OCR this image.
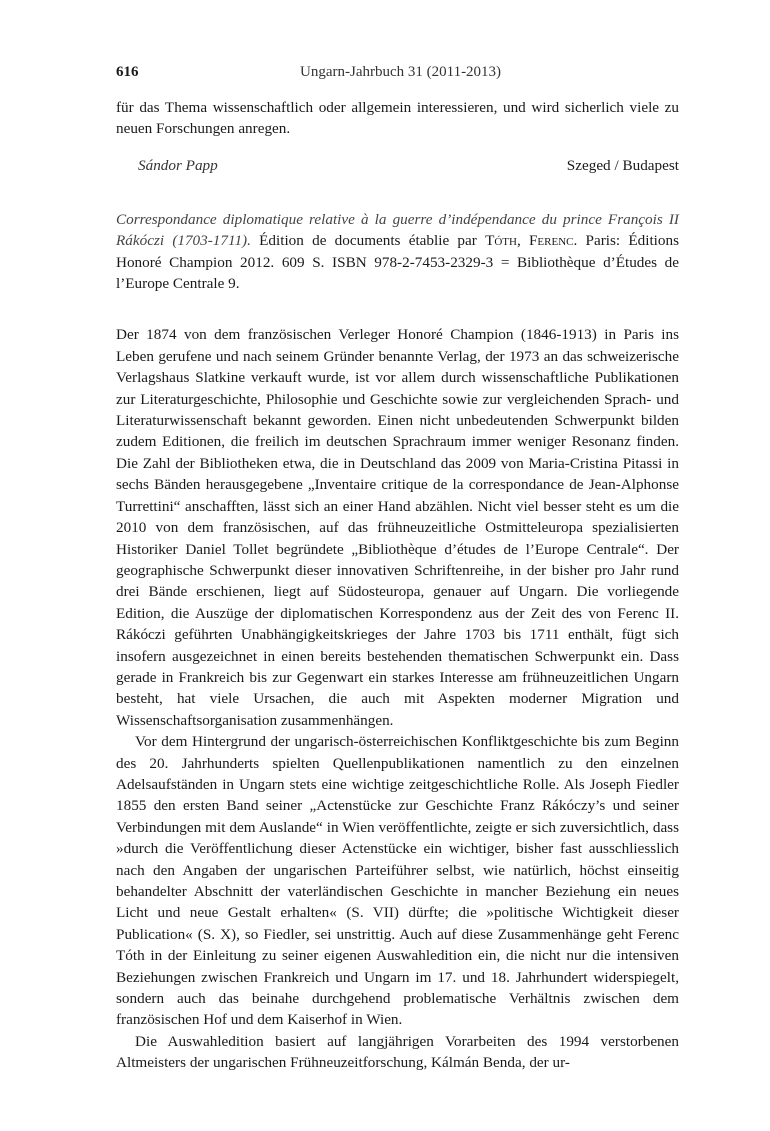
616	Ungarn-Jahrbuch 31 (2011-2013)

für das Thema wissenschaftlich oder allgemein interessieren, und wird sicherlich viele zu neuen Forschungen anregen.

Sándor Papp	Szeged / Budapest

Correspondance diplomatique relative à la guerre d’indépendance du prince François II Rákóczi (1703-1711). Édition de documents établie par Tóth, Ferenc. Paris: Éditions Honoré Champion 2012. 609 S. ISBN 978-2-7453-2329-3 = Bibliothèque d’Études de l’Europe Centrale 9.

Der 1874 von dem französischen Verleger Honoré Champion (1846-1913) in Paris ins Leben gerufene und nach seinem Gründer benannte Verlag, der 1973 an das schweizerische Verlagshaus Slatkine verkauft wurde, ist vor allem durch wissenschaftliche Publikationen zur Literaturgeschichte, Philosophie und Geschichte sowie zur vergleichenden Sprach- und Literaturwissenschaft bekannt geworden. Einen nicht unbedeutenden Schwerpunkt bilden zudem Editionen, die freilich im deutschen Sprachraum immer weniger Resonanz finden. Die Zahl der Bibliotheken etwa, die in Deutschland das 2009 von Maria-Cristina Pitassi in sechs Bänden herausgegebene „Inventaire critique de la correspondance de Jean-Alphonse Turrettini“ anschafften, lässt sich an einer Hand abzählen. Nicht viel besser steht es um die 2010 von dem französischen, auf das frühneuzeitliche Ostmitteleuropa spezialisierten Historiker Daniel Tollet begründete „Bibliothèque d’études de l’Europe Centrale“. Der geographische Schwerpunkt dieser innovativen Schriftenreihe, in der bisher pro Jahr rund drei Bände erschienen, liegt auf Südosteuropa, genauer auf Ungarn. Die vorliegende Edition, die Auszüge der diplomatischen Korrespondenz aus der Zeit des von Ferenc II. Rákóczi geführten Unabhängigkeitskrieges der Jahre 1703 bis 1711 enthält, fügt sich insofern ausgezeichnet in einen bereits bestehenden thematischen Schwerpunkt ein. Dass gerade in Frankreich bis zur Gegenwart ein starkes Interesse am frühneuzeitlichen Ungarn besteht, hat viele Ursachen, die auch mit Aspekten moderner Migration und Wissenschaftsorganisation zusammenhängen.

Vor dem Hintergrund der ungarisch-österreichischen Konfliktgeschichte bis zum Beginn des 20. Jahrhunderts spielten Quellenpublikationen namentlich zu den einzelnen Adelsaufständen in Ungarn stets eine wichtige zeitgeschichtliche Rolle. Als Joseph Fiedler 1855 den ersten Band seiner „Actenstücke zur Geschichte Franz Rákóczy’s und seiner Verbindungen mit dem Auslande“ in Wien veröffentlichte, zeigte er sich zuversichtlich, dass »durch die Veröffentlichung dieser Actenstücke ein wichtiger, bisher fast ausschliesslich nach den Angaben der ungarischen Parteiführer selbst, wie natürlich, höchst einseitig behandelter Abschnitt der vaterländischen Geschichte in mancher Beziehung ein neues Licht und neue Gestalt erhalten« (S. VII) dürfte; die »politische Wichtigkeit dieser Publication« (S. X), so Fiedler, sei unstrittig. Auch auf diese Zusammenhänge geht Ferenc Tóth in der Einleitung zu seiner eigenen Auswahledition ein, die nicht nur die intensiven Beziehungen zwischen Frankreich und Ungarn im 17. und 18. Jahrhundert widerspiegelt, sondern auch das beinahe durchgehend problematische Verhältnis zwischen dem französischen Hof und dem Kaiserhof in Wien.

Die Auswahledition basiert auf langjährigen Vorarbeiten des 1994 verstorbenen Altmeisters der ungarischen Frühneuzeitforschung, Kálmán Benda, der ur-
